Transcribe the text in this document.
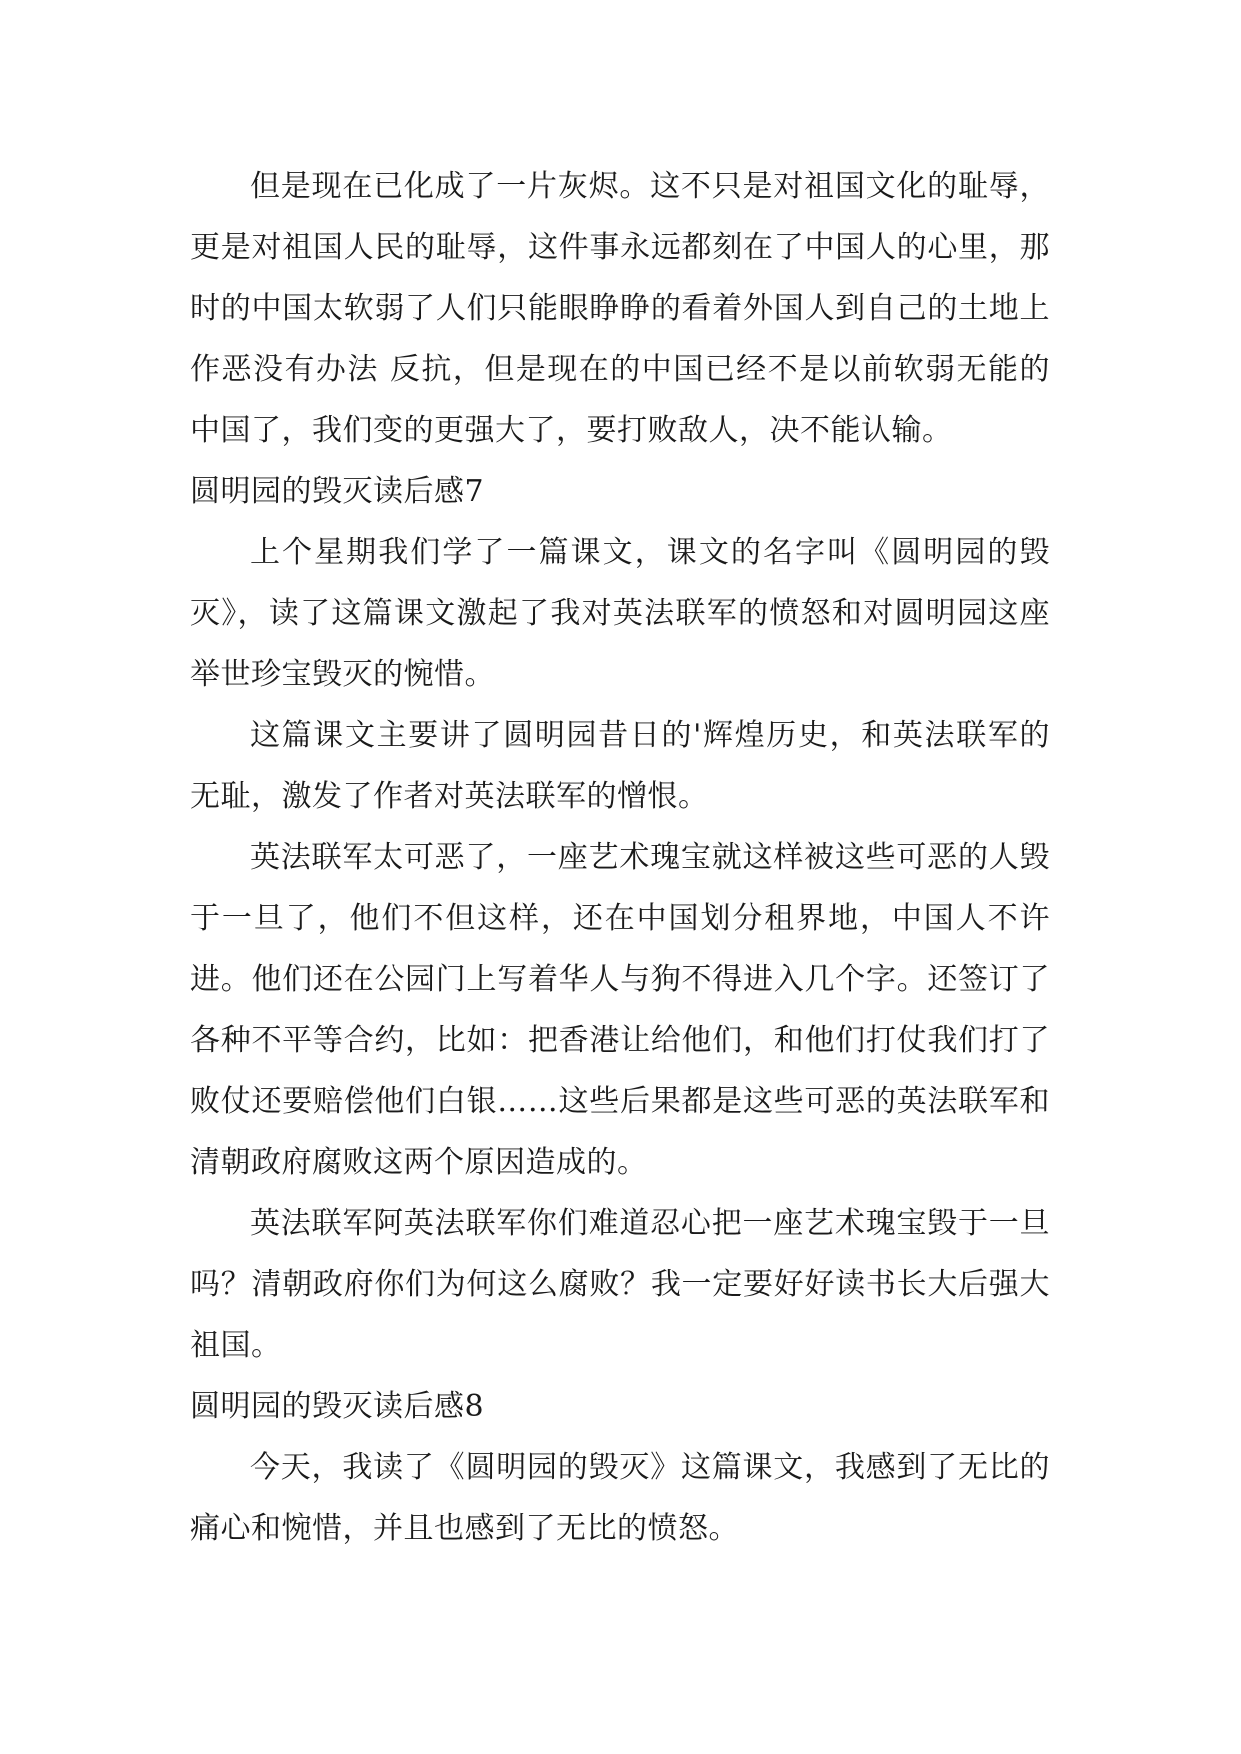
但是现在已化成了一片灰烬。这不只是对祖国文化的耻辱，更是对祖国人民的耻辱，这件事永远都刻在了中国人的心里，那时的中国太软弱了人们只能眼睁睁的看着外国人到自己的土地上作恶没有办法 反抗，但是现在的中国已经不是以前软弱无能的中国了，我们变的更强大了，要打败敌人，决不能认输。

圆明园的毁灭读后感7

上个星期我们学了一篇课文，课文的名字叫《圆明园的毁灭》，读了这篇课文激起了我对英法联军的愤怒和对圆明园这座举世珍宝毁灭的惋惜。

这篇课文主要讲了圆明园昔日的'辉煌历史，和英法联军的无耻，激发了作者对英法联军的憎恨。

英法联军太可恶了，一座艺术瑰宝就这样被这些可恶的人毁于一旦了，他们不但这样，还在中国划分租界地，中国人不许进。他们还在公园门上写着华人与狗不得进入几个字。还签订了各种不平等合约，比如：把香港让给他们，和他们打仗我们打了败仗还要赔偿他们白银……这些后果都是这些可恶的英法联军和清朝政府腐败这两个原因造成的。

英法联军阿英法联军你们难道忍心把一座艺术瑰宝毁于一旦吗？清朝政府你们为何这么腐败？我一定要好好读书长大后强大祖国。

圆明园的毁灭读后感8

今天，我读了《圆明园的毁灭》这篇课文，我感到了无比的痛心和惋惜，并且也感到了无比的愤怒。
